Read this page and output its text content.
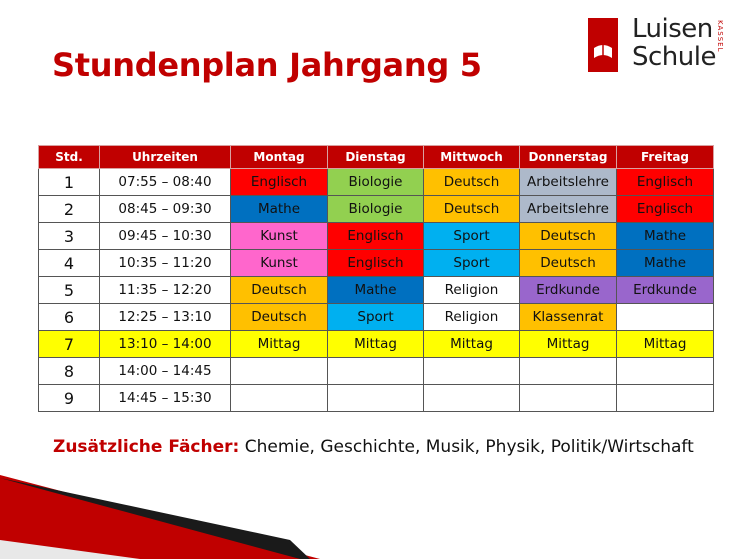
Stundenplan Jahrgang 5
Luisen
Schule
KASSEL
Std.	Uhrzeiten	Montag	Dienstag	Mittwoch	Donnerstag	Freitag
1	07:55 – 08:40	Englisch	Biologie	Deutsch	Arbeitslehre	Englisch
2	08:45 – 09:30	Mathe	Biologie	Deutsch	Arbeitslehre	Englisch
3	09:45 – 10:30	Kunst	Englisch	Sport	Deutsch	Mathe
4	10:35 – 11:20	Kunst	Englisch	Sport	Deutsch	Mathe
5	11:35 – 12:20	Deutsch	Mathe	Religion	Erdkunde	Erdkunde
6	12:25 – 13:10	Deutsch	Sport	Religion	Klassenrat	
7	13:10 – 14:00	Mittag	Mittag	Mittag	Mittag	Mittag
8	14:00 – 14:45					
9	14:45 – 15:30					
Zusätzliche Fächer: Chemie, Geschichte, Musik, Physik, Politik/Wirtschaft
